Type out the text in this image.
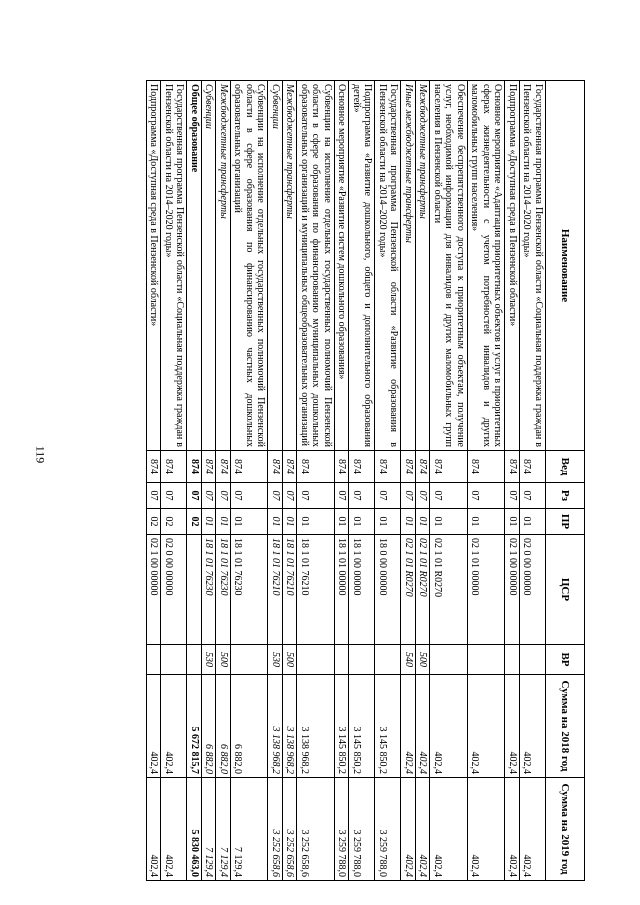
119
Наименование	Вед	Рз	ПР	ЦСР	ВР	Сумма на 2018 год	Сумма на 2019 год
Государственная программа Пензенской области «Социальная поддержка граждан в Пензенской области на 2014–2020 годы»	874	07	01	02 0 00 00000		402,4	402,4
Подпрограмма «Доступная среда в Пензенской области»	874	07	01	02 1 00 00000		402,4	402,4
Основное мероприятие «Адаптация приоритетных объектов и услуг в приоритетных сферах жизнедеятельности с учетом потребностей инвалидов и других маломобильных групп населения»	874	07	01	02 1 01 00000		402,4	402,4
Обеспечение беспрепятственного доступа к приоритетным объектам, получение услуг, необходимой информации для инвалидов и других маломобильных групп населения в Пензенской области	874	07	01	02 1 01 R0270		402,4	402,4
Межбюджетные трансферты	874	07	01	02 1 01 R0270	500	402,4	402,4
Иные межбюджетные трансферты	874	07	01	02 1 01 R0270	540	402,4	402,4
Государственная программа Пензенской области «Развитие образования в Пензенской области на 2014–2020 годы»	874	07	01	18 0 00 00000		3 145 850,2	3 259 788,0
Подпрограмма «Развитие дошкольного, общего и дополнительного образования детей»	874	07	01	18 1 00 00000		3 145 850,2	3 259 788,0
Основное мероприятие «Развитие систем дошкольного образования»	874	07	01	18 1 01 00000		3 145 850,2	3 259 788,0
Субвенции на исполнение отдельных государственных полномочий Пензенской области в сфере образования по финансированию муниципальных дошкольных образовательных организаций и муниципальных общеобразовательных организаций	874	07	01	18 1 01 76210		3 138 968,2	3 252 658,6
Межбюджетные трансферты	874	07	01	18 1 01 76210	500	3 138 968,2	3 252 658,6
Субвенции	874	07	01	18 1 01 76210	530	3 138 968,2	3 252 658,6
Субвенции на исполнение отдельных государственных полномочий Пензенской области в сфере образования по финансированию частных дошкольных образовательных организаций	874	07	01	18 1 01 76230		6 882,0	7 129,4
Межбюджетные трансферты	874	07	01	18 1 01 76230	500	6 882,0	7 129,4
Субвенции	874	07	01	18 1 01 76230	530	6 882,0	7 129,4
Общее образование	874	07	02			5 672 815,7	5 830 463,0
Государственная программа Пензенской области «Социальная поддержка граждан в Пензенской области на 2014–2020 годы»	874	07	02	02 0 00 00000		402,4	402,4
Подпрограмма «Доступная среда в Пензенской области»	874	07	02	02 1 00 00000		402,4	402,4
